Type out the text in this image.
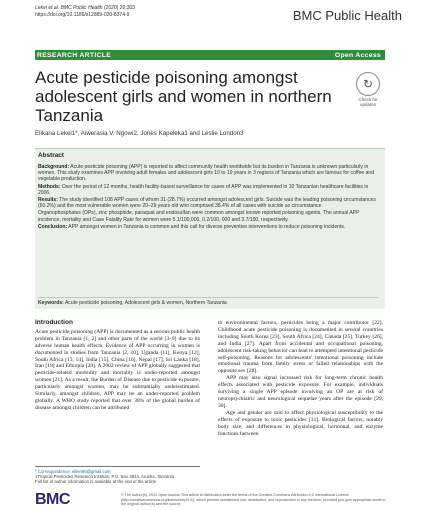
Lekei et al. BMC Public Health (2020) 20:303
https://doi.org/10.1186/s12889-020-8374-9	BMC Public Health
RESEARCH ARTICLE	Open Access
Acute pesticide poisoning amongst adolescent girls and women in northern Tanzania
↻
Check for updates
Elikana Lekei1*, Aiwerasia V. Ngowi2, Jones Kapeleka1 and Leslie London3
Abstract

Background: Acute pesticide poisoning (APP) is reported to affect community health worldwide but its burden in Tanzania is unknown particularly in women. This study examines APP involving adult females and adolescent girls 10 to 19 years in 3 regions of Tanzania which are famous for coffee and vegetable production.

Methods: Over the period of 12 months, health facility-based surveillance for cases of APP was implemented in 10 Tanzanian healthcare facilities in 2006.

Results: The study identified 108 APP cases of whom 31 (28.7%) occurred amongst adolescent girls. Suicide was the leading poisoning circumstances (60.2%) and the most vulnerable women were 20–29 years old who comprised 38.4% of all cases with suicide as circumstance.

Organophosphates (OPs), zinc phosphide, paraquat and endosulfan were common amongst known reported poisoning agents. The annual APP incidence, mortality and Case Fatality Rate for women were 5.1/100,000, 0.2/100, 000 and 3.7/100, respectively.

Conclusion: APP amongst women in Tanzania is common and this call for diverse preventive interventions to reduce poisoning incidents.

Keywords: Acute pesticide poisoning, Adolescent girls & women, Northern Tanzania
Introduction

Acute pesticide poisoning (APP) is documented as a serious public health problem in Tanzania [1, 2] and other parts of the world [3–9] due to its adverse human health effects. Evidence of APP occurring in women is documented in studies from Tanzania [2, 10], Uganda [11], Kenya [12], South Africa [13, 14], India [15], China [16], Nepal [17], Sri Lanka [18], Iran [19] and Ethiopia [20]. A 2002 review of APP globally suggested that pesticide-related morbidity and mortality is under-reported amongst women [21]. As a result, the Burden of Disease due to pesticide exposure, particularly amongst women, may be substantially underestimated. Similarly, amongst children, APP may be an under-reported problem globally. A WHO study reported that over 30% of the global burden of disease amongst children can be attributed

to environmental factors, pesticides being a major contributor [22]. Childhood acute pesticide poisoning is documented in several countries including South Korea [23], South Africa [24], Canada [25], Turkey [26], and India [27]. Apart from accidental and occupational poisoning, adolescent risk-taking behavior can lead to attempted intentional pesticide self-poisoning. Reasons for adolescents' intentional poisoning include emotional trauma from family stress or failed relationships with the opposite sex [28].

APP may also signal increased risk for long-term chronic health effects associated with pesticide exposure. For example, individuals surviving a single APP episode involving an OP are at risk of neuropsychiatric and neurological sequelae years after the episode [29, 30].

Age and gender are said to affect physiological susceptibility to the effects of exposure to toxic pesticides [31]. Biological factors, notably body size, and differences in physiological, hormonal, and enzyme functions between

* Correspondence: elikei90@gmail.com
1Tropical Pesticides Research Institute, P.O. Box 3024, Arusha, Tanzania
Full list of author information is available at the end of the article
BMC	© The Author(s). 2020 Open Access This article is distributed under the terms of the Creative Commons Attribution 4.0 International License (http://creativecommons.org/licenses/by/4.0/), which permits unrestricted use, distribution, and reproduction in any medium, provided you give appropriate credit to the original author(s) and the source.
